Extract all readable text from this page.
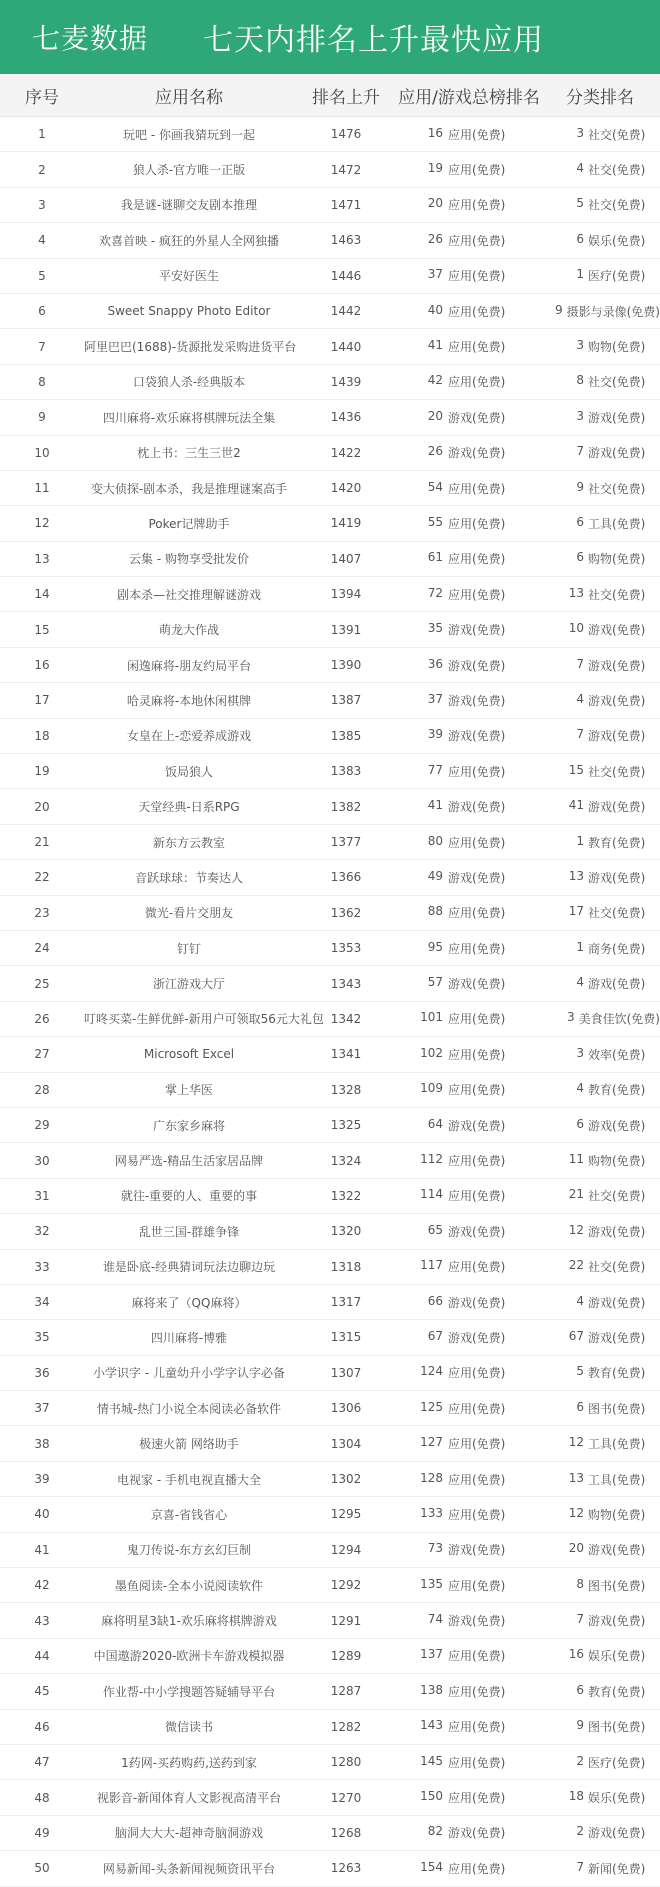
七麦数据 七天内排名上升最快应用
序号	应用名称	排名上升	应用/游戏总榜排名	分类排名
1	玩吧 - 你画我猜玩到一起	1476	16 应用(免费)	3 社交(免费)
2	狼人杀-官方唯一正版	1472	19 应用(免费)	4 社交(免费)
3	我是谜-谜聊交友剧本推理	1471	20 应用(免费)	5 社交(免费)
4	欢喜首映 - 疯狂的外星人全网独播	1463	26 应用(免费)	6 娱乐(免费)
5	平安好医生	1446	37 应用(免费)	1 医疗(免费)
6	Sweet Snappy Photo Editor	1442	40 应用(免费)	9 摄影与录像(免费)
7	阿里巴巴(1688)-货源批发采购进货平台	1440	41 应用(免费)	3 购物(免费)
8	口袋狼人杀-经典版本	1439	42 应用(免费)	8 社交(免费)
9	四川麻将-欢乐麻将棋牌玩法全集	1436	20 游戏(免费)	3 游戏(免费)
10	枕上书：三生三世2	1422	26 游戏(免费)	7 游戏(免费)
11	变大侦探-剧本杀，我是推理谜案高手	1420	54 应用(免费)	9 社交(免费)
12	Poker记牌助手	1419	55 应用(免费)	6 工具(免费)
13	云集 - 购物享受批发价	1407	61 应用(免费)	6 购物(免费)
14	剧本杀—社交推理解谜游戏	1394	72 应用(免费)	13 社交(免费)
15	萌龙大作战	1391	35 游戏(免费)	10 游戏(免费)
16	闲逸麻将-朋友约局平台	1390	36 游戏(免费)	7 游戏(免费)
17	哈灵麻将-本地休闲棋牌	1387	37 游戏(免费)	4 游戏(免费)
18	女皇在上-恋爱养成游戏	1385	39 游戏(免费)	7 游戏(免费)
19	饭局狼人	1383	77 应用(免费)	15 社交(免费)
20	天堂经典-日系RPG	1382	41 游戏(免费)	41 游戏(免费)
21	新东方云教室	1377	80 应用(免费)	1 教育(免费)
22	音跃球球：节奏达人	1366	49 游戏(免费)	13 游戏(免费)
23	微光-看片交朋友	1362	88 应用(免费)	17 社交(免费)
24	钉钉	1353	95 应用(免费)	1 商务(免费)
25	浙江游戏大厅	1343	57 游戏(免费)	4 游戏(免费)
26	叮咚买菜-生鲜优鲜-新用户可领取56元大礼包 1342	101 应用(免费)	3 美食佳饮(免费)
27	Microsoft Excel	1341	102 应用(免费)	3 效率(免费)
28	掌上华医	1328	109 应用(免费)	4 教育(免费)
29	广东家乡麻将	1325	64 游戏(免费)	6 游戏(免费)
30	网易严选-精品生活家居品牌	1324	112 应用(免费)	11 购物(免费)
31	就往-重要的人、重要的事	1322	114 应用(免费)	21 社交(免费)
32	乱世三国-群雄争锋	1320	65 游戏(免费)	12 游戏(免费)
33	谁是卧底-经典猜词玩法边聊边玩	1318	117 应用(免费)	22 社交(免费)
34	麻将来了（QQ麻将）	1317	66 游戏(免费)	4 游戏(免费)
35	四川麻将-博雅	1315	67 游戏(免费)	67 游戏(免费)
36	小学识字 - 儿童幼升小学字认字必备	1307	124 应用(免费)	5 教育(免费)
37	情书城-热门小说全本阅读必备软件	1306	125 应用(免费)	6 图书(免费)
38	极速火箭 网络助手	1304	127 应用(免费)	12 工具(免费)
39	电视家 - 手机电视直播大全	1302	128 应用(免费)	13 工具(免费)
40	京喜-省钱省心	1295	133 应用(免费)	12 购物(免费)
41	鬼刀传说-东方玄幻巨制	1294	73 游戏(免费)	20 游戏(免费)
42	墨鱼阅读-全本小说阅读软件	1292	135 应用(免费)	8 图书(免费)
43	麻将明星3缺1-欢乐麻将棋牌游戏	1291	74 游戏(免费)	7 游戏(免费)
44	中国遨游2020-欧洲卡车游戏模拟器	1289	137 应用(免费)	16 娱乐(免费)
45	作业帮-中小学搜题答疑辅导平台	1287	138 应用(免费)	6 教育(免费)
46	微信读书	1282	143 应用(免费)	9 图书(免费)
47	1药网-买药购药,送药到家	1280	145 应用(免费)	2 医疗(免费)
48	视影音-新闻体育人文影视高清平台	1270	150 应用(免费)	18 娱乐(免费)
49	脑洞大大大-超神奇脑洞游戏	1268	82 游戏(免费)	2 游戏(免费)
50	网易新闻-头条新闻视频资讯平台	1263	154 应用(免费)	7 新闻(免费)
